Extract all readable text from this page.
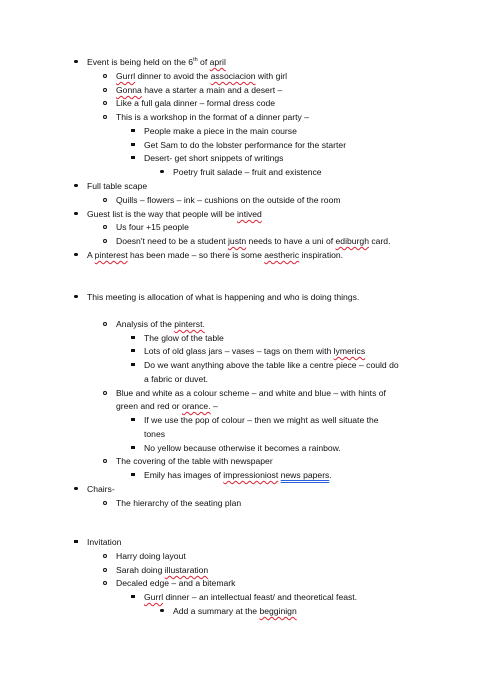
Event is being held on the 6th of april
Gurrl dinner to avoid the associacion with girl
Gonna have a starter a main and a desert –
Like a full gala dinner – formal dress code
This is a workshop in the format of a dinner party –
People make a piece in the main course
Get Sam to do the lobster performance for the starter
Desert- get short snippets of writings
Poetry fruit salade – fruit and existence
Full table scape
Quills – flowers – ink – cushions on the outside of the room
Guest list is the way that people will be intived
Us four +15 people
Doesn't need to be a student justn needs to have a uni of ediburgh card.
A pinterest has been made – so there is some aestheric inspiration.
This meeting is allocation of what is happening and who is doing things.
Analysis of the pinterst.
The glow of the table
Lots of old glass jars – vases – tags on them with lymerics
Do we want anything above the table like a centre piece – could do
a fabric or duvet.
Blue and white as a colour scheme – and white and blue – with hints of
green and red or orance. –
If we use the pop of colour – then we might as well situate the
tones
No yellow because otherwise it becomes a rainbow.
The covering of the table with newspaper
Emily has images of impressioniost news papers.
Chairs-
The hierarchy of the seating plan
Invitation
Harry doing layout
Sarah doing illustaration
Decaled edge – and a bitemark
Gurrl dinner – an intellectual feast/ and theoretical feast.
Add a summary at the begginign
